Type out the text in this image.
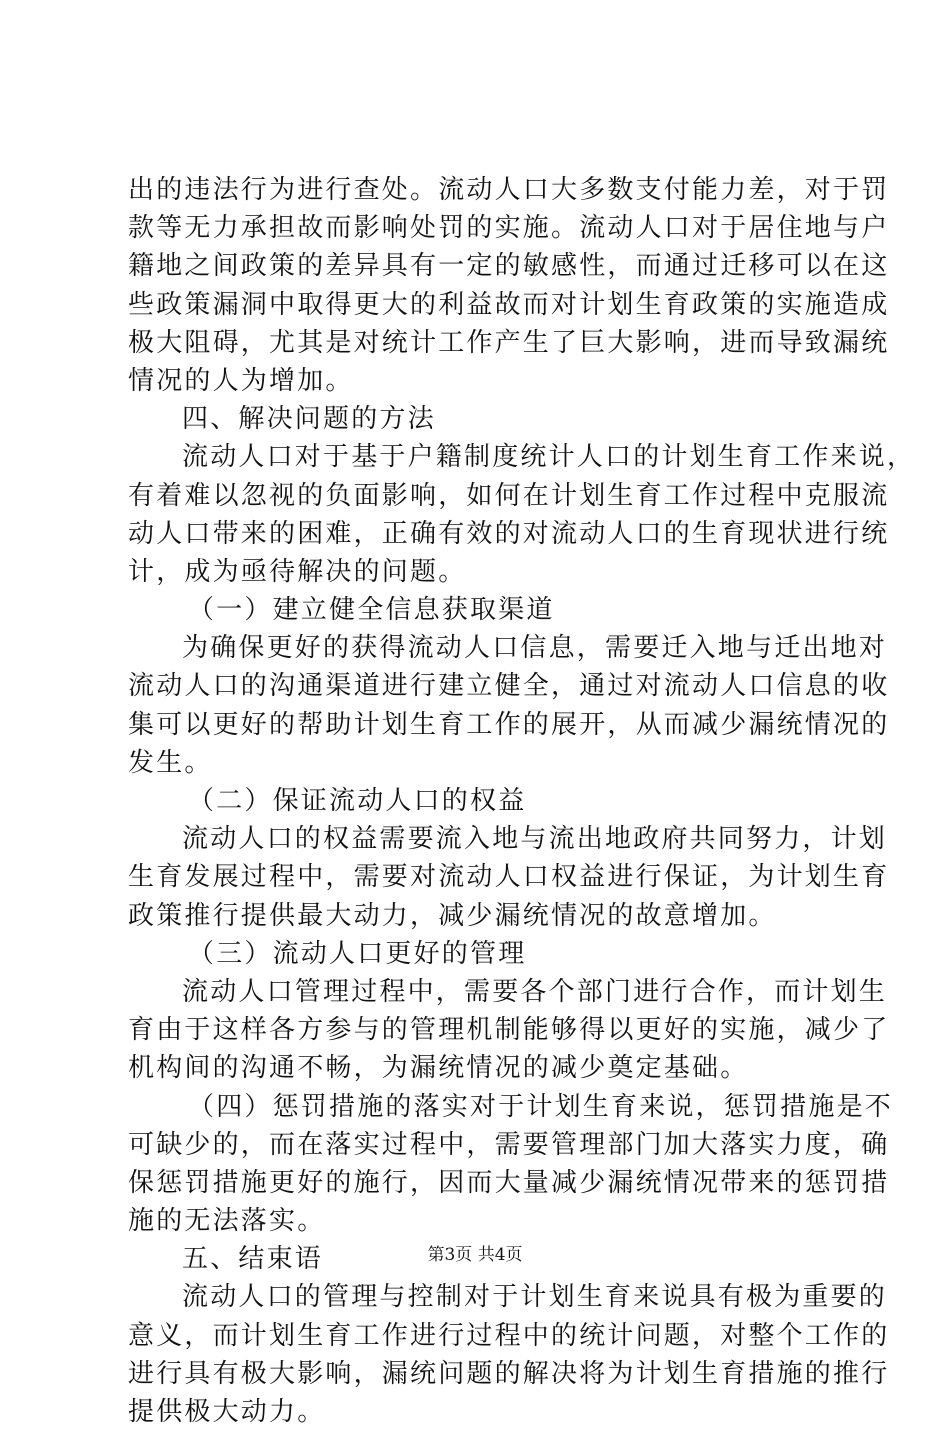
出的违法行为进行查处。流动人口大多数支付能力差，对于罚
款等无力承担故而影响处罚的实施。流动人口对于居住地与户
籍地之间政策的差异具有一定的敏感性，而通过迁移可以在这
些政策漏洞中取得更大的利益故而对计划生育政策的实施造成
极大阻碍，尤其是对统计工作产生了巨大影响，进而导致漏统
情况的人为增加。
四、解决问题的方法
流动人口对于基于户籍制度统计人口的计划生育工作来说，
有着难以忽视的负面影响，如何在计划生育工作过程中克服流
动人口带来的困难，正确有效的对流动人口的生育现状进行统
计，成为亟待解决的问题。
（一）建立健全信息获取渠道
为确保更好的获得流动人口信息，需要迁入地与迁出地对
流动人口的沟通渠道进行建立健全，通过对流动人口信息的收
集可以更好的帮助计划生育工作的展开，从而减少漏统情况的
发生。
（二）保证流动人口的权益
流动人口的权益需要流入地与流出地政府共同努力，计划
生育发展过程中，需要对流动人口权益进行保证，为计划生育
政策推行提供最大动力，减少漏统情况的故意增加。
（三）流动人口更好的管理
流动人口管理过程中，需要各个部门进行合作，而计划生
育由于这样各方参与的管理机制能够得以更好的实施，减少了
机构间的沟通不畅，为漏统情况的减少奠定基础。
（四）惩罚措施的落实对于计划生育来说，惩罚措施是不
可缺少的，而在落实过程中，需要管理部门加大落实力度，确
保惩罚措施更好的施行，因而大量减少漏统情况带来的惩罚措
施的无法落实。
五、结束语
流动人口的管理与控制对于计划生育来说具有极为重要的
意义，而计划生育工作进行过程中的统计问题，对整个工作的
进行具有极大影响，漏统问题的解决将为计划生育措施的推行
提供极大动力。
第3页 共4页
